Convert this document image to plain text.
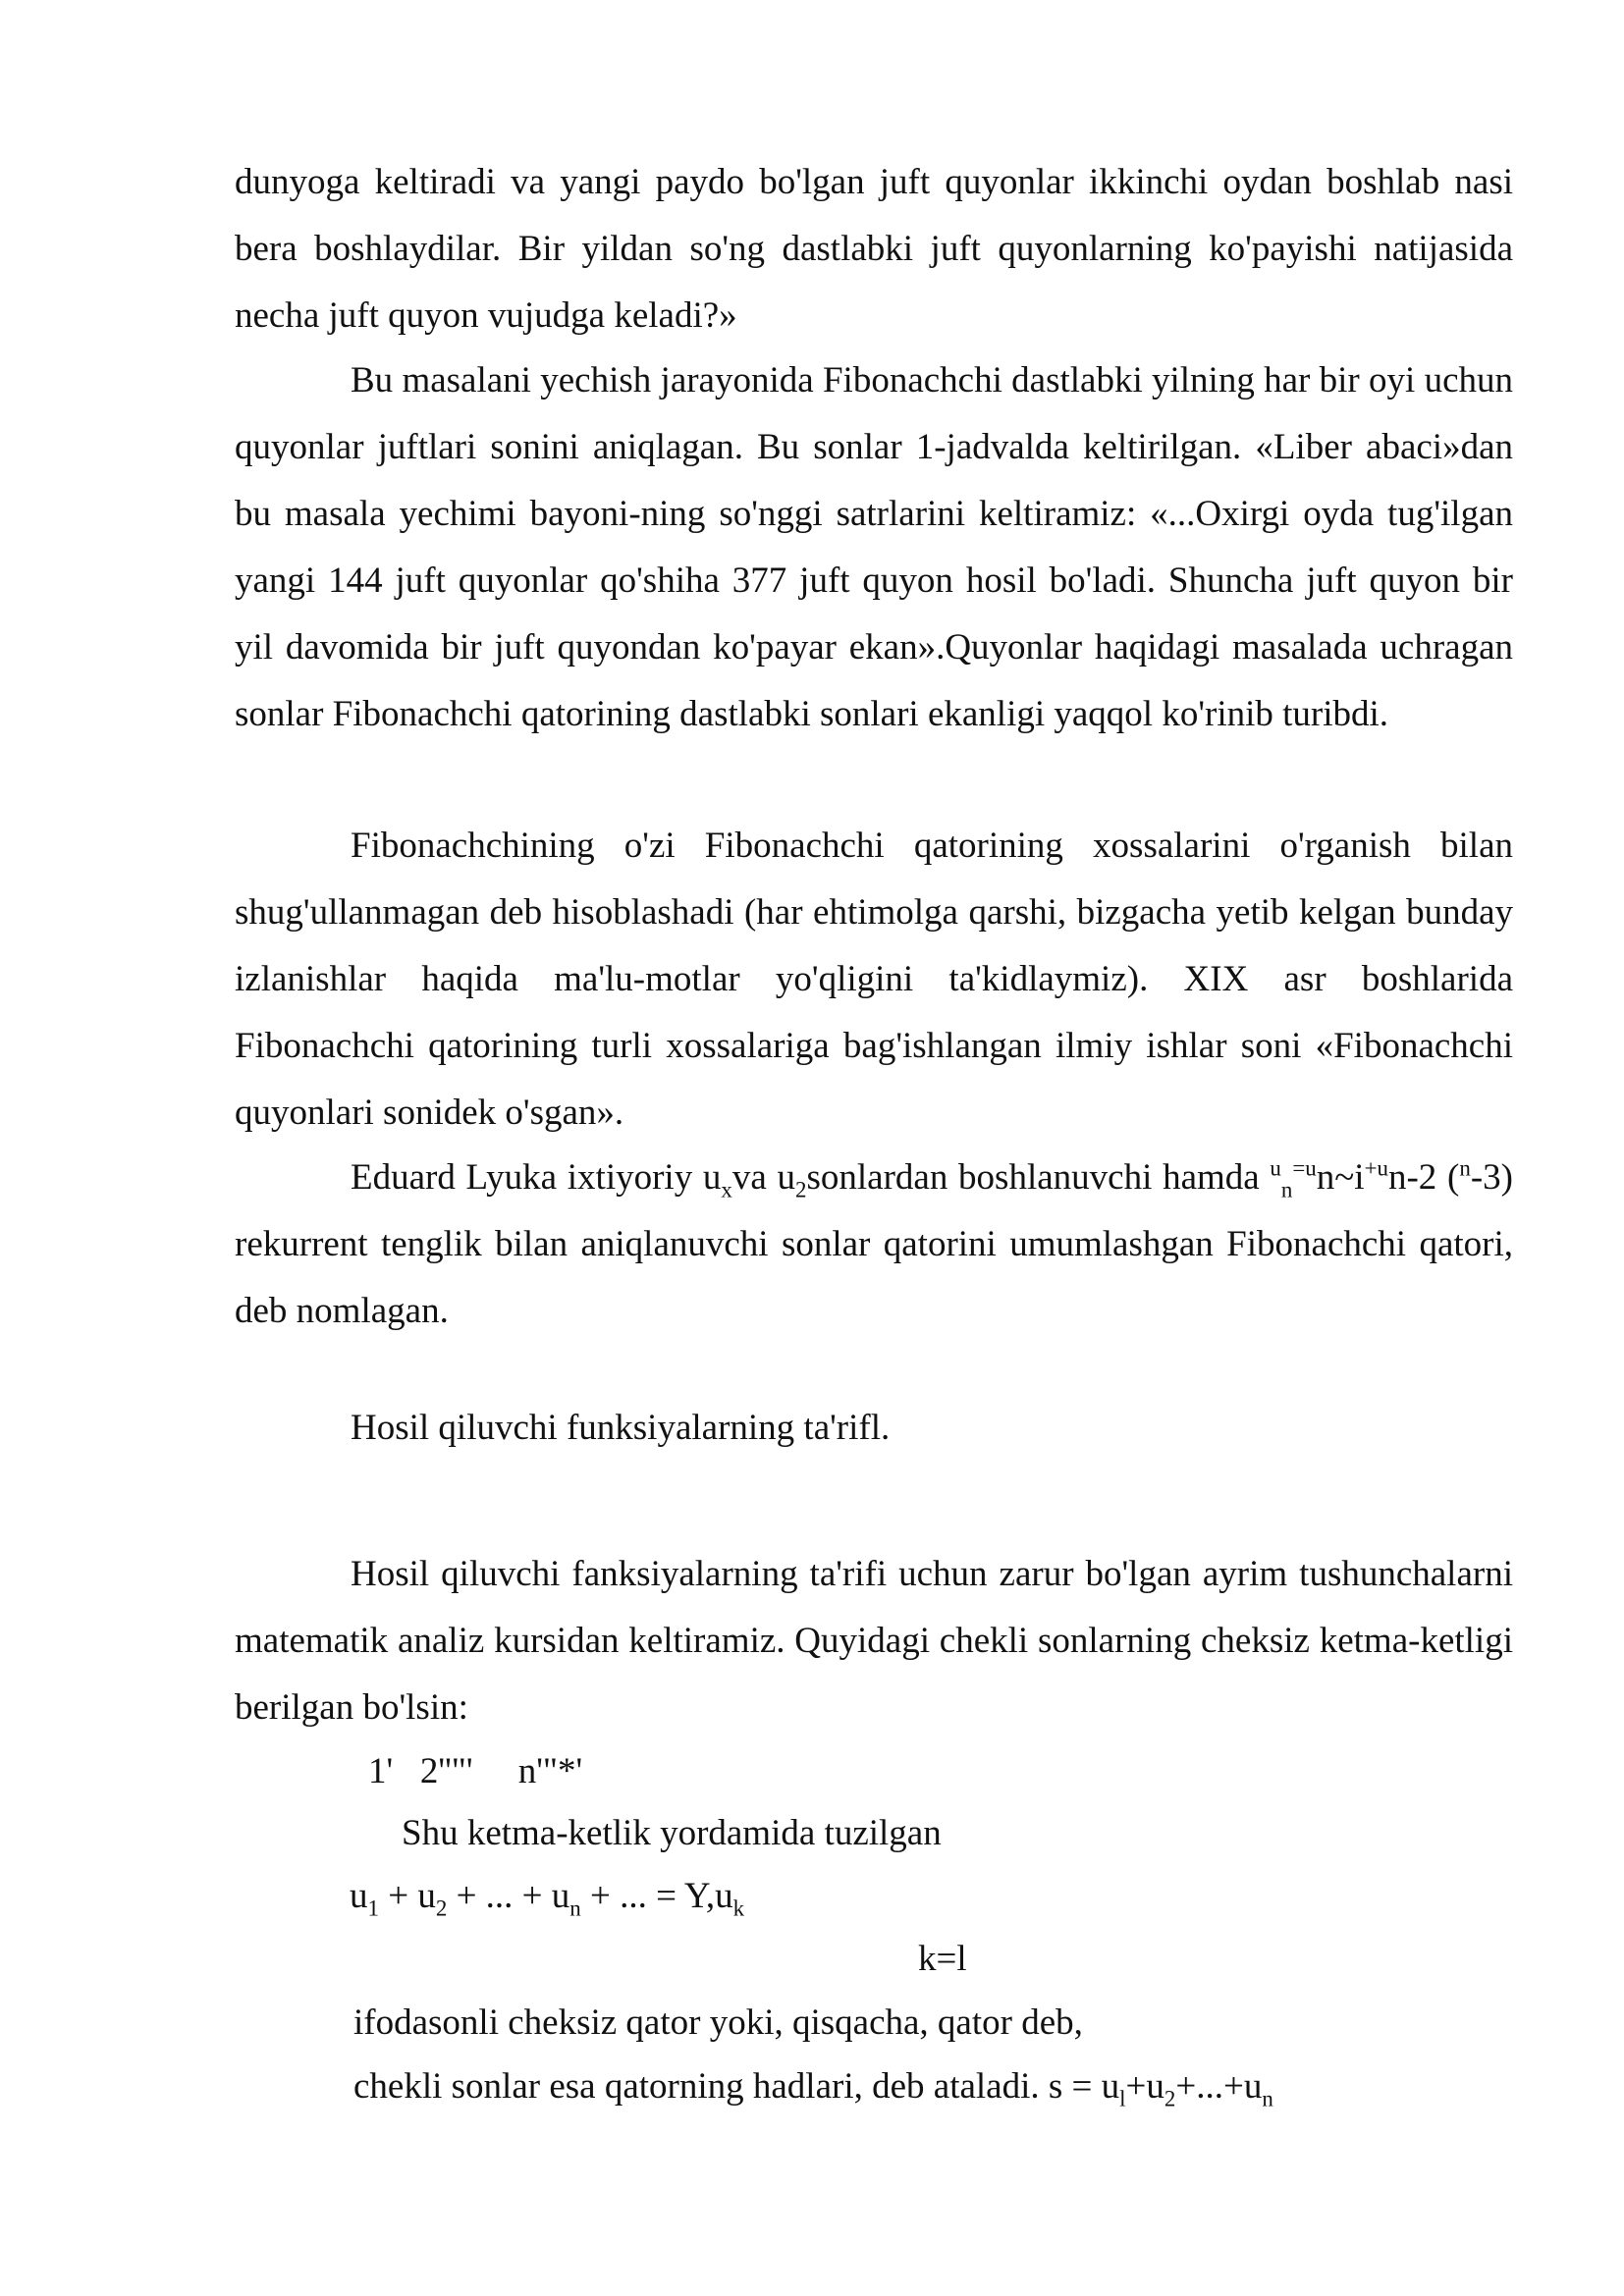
dunyoga keltiradi va yangi paydo bo'lgan juft quyonlar ikkinchi oydan boshlab nasi bera boshlaydilar. Bir yildan so'ng dastlabki juft quyonlarning ko'payishi natijasida necha juft quyon vujudga keladi?»

Bu masalani yechish jarayonida Fibonachchi dastlabki yilning har bir oyi uchun quyonlar juftlari sonini aniqlagan. Bu sonlar 1-jadvalda keltirilgan. «Liber abaci»dan bu masala yechimi bayoni-ning so'nggi satrlarini keltiramiz: «...Oxirgi oyda tug'ilgan yangi 144 juft quyonlar qo'shiha 377 juft quyon hosil bo'ladi. Shuncha juft quyon bir yil davomida bir juft quyondan ko'payar ekan».Quyonlar haqidagi masalada uchragan sonlar Fibonachchi qatorining dastlabki sonlari ekanligi yaqqol ko'rinib turibdi.

Fibonachchining o'zi Fibonachchi qatorining xossalarini o'rganish bilan shug'ullanmagan deb hisoblashadi (har ehtimolga qarshi, bizgacha yetib kelgan bunday izlanishlar haqida ma'lu-motlar yo'qligini ta'kidlaymiz). XIX asr boshlarida Fibonachchi qatorining turli xossalariga bag'ishlangan ilmiy ishlar soni «Fibonachchi quyonlari sonidek o'sgan».

Eduard Lyuka ixtiyoriy $u_xva$ $u_2sonlardan$ boshlanuvchi hamda $^u_n^{=u}n\sim i^{+u}n-2$ ($^n$-3) rekurrent tenglik bilan aniqlanuvchi sonlar qatorini umumlashgan Fibonachchi qatori, deb nomlagan.

Hosil qiluvchi funksiyalarning ta'rifl.

Hosil qiluvchi fanksiyalarning ta'rifi uchun zarur bo'lgan ayrim tushunchalarni matematik analiz kursidan keltiramiz. Quyidagi chekli sonlarning cheksiz ketma-ketligi berilgan bo'lsin:

1'   2''"'     n'"*'

Shu ketma-ketlik yordamida tuzilgan

$u_1 + u_2$ + ... + $u_n$ + ... = $Y,u_k$

k=l

ifodasonli cheksiz qator yoki, qisqacha, qator deb,

chekli sonlar esa qatorning hadlari, deb ataladi. $s = u_l+u_2+...+u_n$
